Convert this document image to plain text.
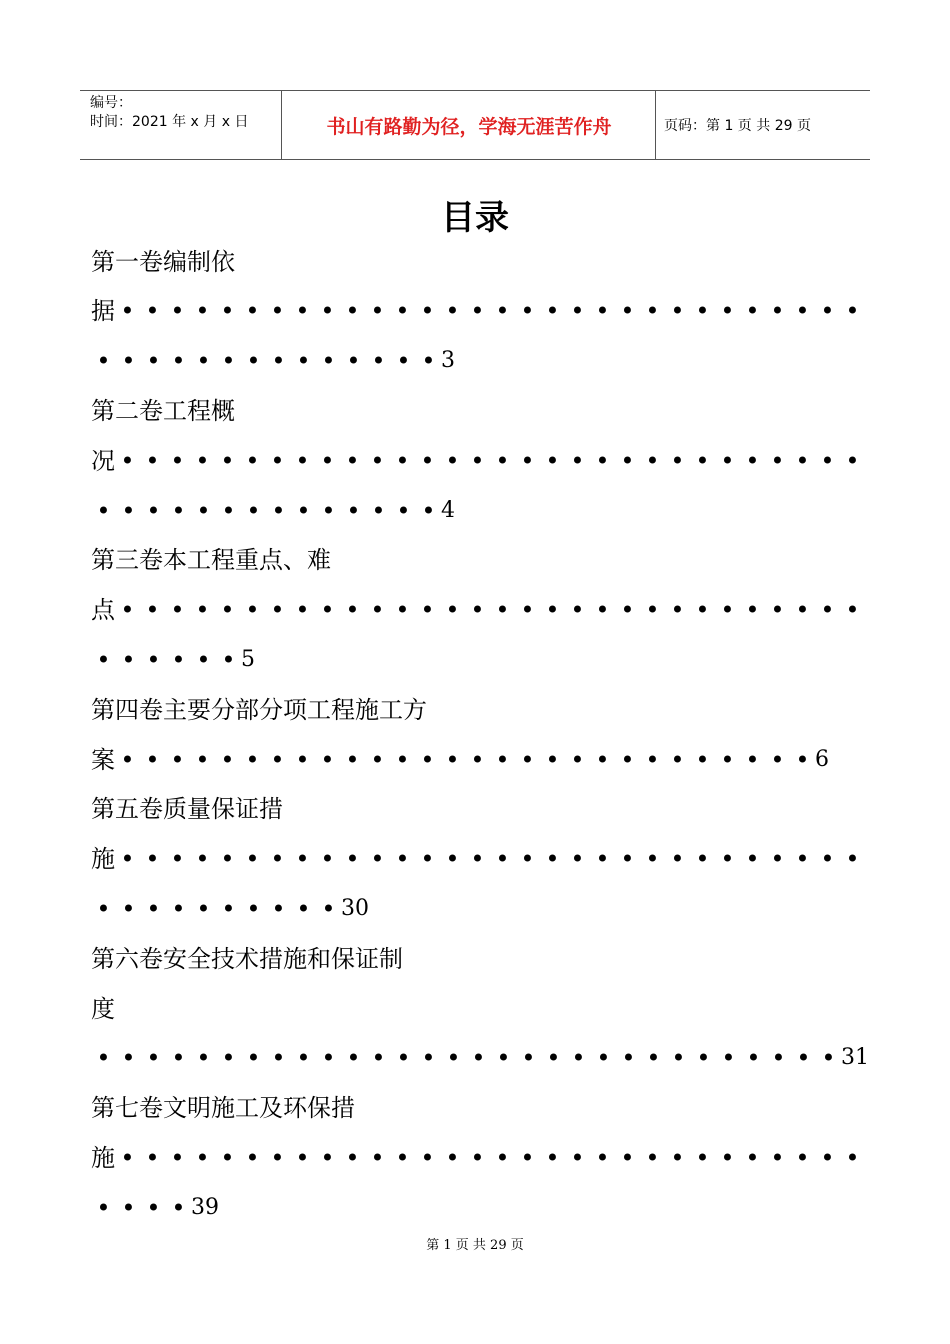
编号：
时间：2021 年 x 月 x 日	书山有路勤为径，学海无涯苦作舟	页码：第 1 页 共 29 页
目录
第一卷编制依
据 • • • • • • • • • • • • • • • • • • • • • • • • • • • • • •
• • • • • • • • • • • • • • 3
第二卷工程概
况 • • • • • • • • • • • • • • • • • • • • • • • • • • • • • •
• • • • • • • • • • • • • • 4
第三卷本工程重点、难
点 • • • • • • • • • • • • • • • • • • • • • • • • • • • • • •
• • • • • • 5
第四卷主要分部分项工程施工方
案 • • • • • • • • • • • • • • • • • • • • • • • • • • • • 6
第五卷质量保证措
施 • • • • • • • • • • • • • • • • • • • • • • • • • • • • • •
• • • • • • • • • • 30
第六卷安全技术措施和保证制
度
• • • • • • • • • • • • • • • • • • • • • • • • • • • • • • 31
第七卷文明施工及环保措
施 • • • • • • • • • • • • • • • • • • • • • • • • • • • • • •
• • • • 39
第 1 页 共 29 页
